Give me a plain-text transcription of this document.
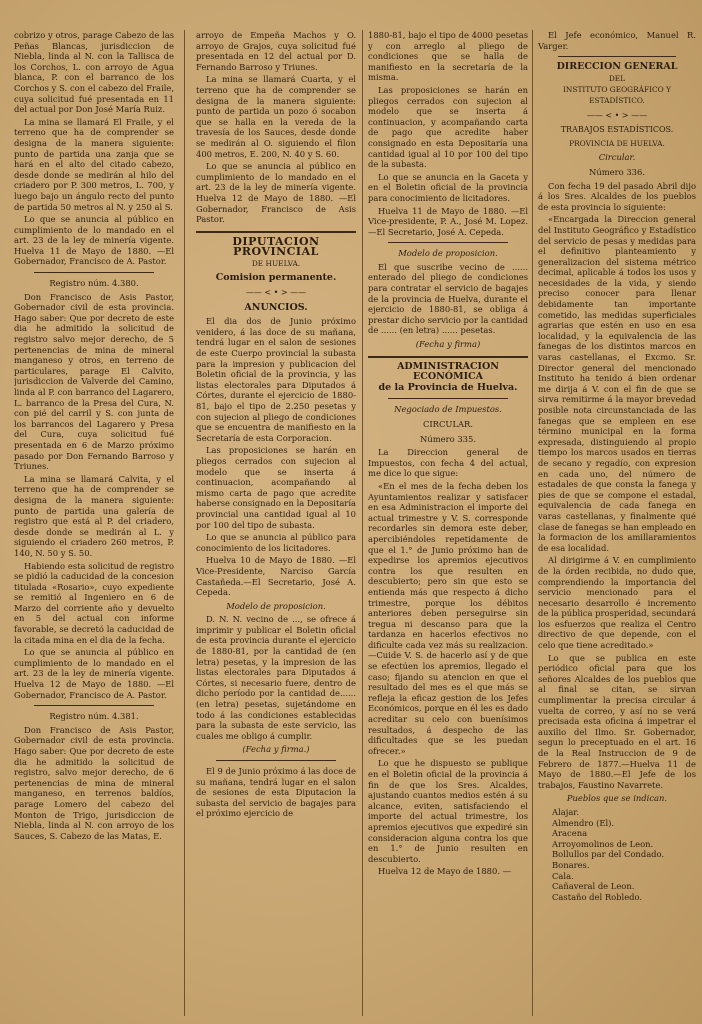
cobrizo y otros, parage Cabezo de las Peñas Blancas, jurisdiccion de Niebla, linda al N. con la Tallisca de los Corchos, L. con arroyo de Agua blanca, P. con el barranco de los Corchos y S. con el cabezo del Fraile, cuya solicitud fué presentada en 11 del actual por Don José María Ruiz.

La mina se llamará El Fraile, y el terreno que ha de comprender se designa de la manera siguiente: punto de partida una zanja que se hará en el alto del citado cabezo, desde donde se medirán al hilo del criadero por P. 300 metros, L. 700, y luego bajo un ángulo recto del punto de partida 50 metros al N. y 250 al S.

Lo que se anuncia al público en cumplimiento de lo mandado en el art. 23 de la ley de minería vigente. Huelva 11 de Mayo de 1880. —El Gobernador, Francisco de A. Pastor.

Registro núm. 4.380.

Don Francisco de Asis Pastor, Gobernador civil de esta provincia. Hago saber: Que por decreto de este dia he admitido la solicitud de registro salvo mejor derecho, de 5 pertenencias de mina de mineral manganeso y otros, en terreno de particulares, parage El Calvito, jurisdiccion de Valverde del Camino, linda al P. con barranco del Lagarero, L. barranco de la Presa del Cura, N. con pié del carril y S. con junta de los barrancos del Lagarero y Presa del Cura, cuya solicitud fué presentada en 6 de Marzo próximo pasado por Don Fernando Barroso y Triunes.

La mina se llamará Calvita, y el terreno que ha de comprender se designa de la manera siguiente: punto de partida una galería de registro que está al P. del criadero, desde donde se medirán al L. y siguiendo el criadero 260 metros, P. 140, N. 50 y S. 50.

Habiendo esta solicitud de registro se pidió la caducidad de la concesion titulada «Rosario», cuyo expediente se remitió al Ingeniero en 6 de Marzo del corriente año y devuelto en 5 del actual con informe favorable, se decretó la caducidad de la citada mina en el dia de la fecha.

Lo que se anuncia al público en cumplimiento de lo mandado en el art. 23 de la ley de minería vigente. Huelva 12 de Mayo de 1880. —El Gobernador, Francisco de A. Pastor.

Registro núm. 4.381.

Don Francisco de Asis Pastor, Gobernador civil de esta provincia. Hago saber: Que por decreto de este dia he admitido la solicitud de registro, salvo mejor derecho, de 6 pertenencias de mina de mineral manganeso, en terrenos baldíos, parage Lomero del cabezo del Monton de Trigo, jurisdiccion de Niebla, linda al N. con arroyo de los Sauces, S. Cabezo de las Matas, E.

arroyo de Empeña Machos y O. arroyo de Grajos, cuya solicitud fué presentada en 12 del actual por D. Fernando Barroso y Triunes.

La mina se llamará Cuarta, y el terreno que ha de comprender se designa de la manera siguiente: punto de partida un pozo ó socabon que se halla en la vereda de la travesía de los Sauces, desde donde se medirán al O. siguiendo el filon 400 metros, E. 200, N. 40 y S. 60.

Lo que se anuncia al público en cumplimiento de lo mandado en el art. 23 de la ley de minería vigente. Huelva 12 de Mayo de 1880. —El Gobernador, Francisco de Asis Pastor.

DIPUTACION PROVINCIAL

DE HUELVA.

Comision permanente.

—— < • > ——

ANUNCIOS.

El dia dos de Junio próximo venidero, á las doce de su mañana, tendrá lugar en el salon de sesiones de este Cuerpo provincial la subasta para la impresion y publicacion del Boletin oficial de la provincia, y las listas electorales para Diputados á Córtes, durante el ejercicio de 1880-81, bajo el tipo de 2.250 pesetas y con sujecion al pliego de condiciones que se encuentra de manifiesto en la Secretaría de esta Corporacion.

Las proposiciones se harán en pliegos cerrados con sujecion al modelo que se inserta á continuacion, acompañando al mismo carta de pago que acredite haberse consignado en la Depositaría provincial una cantidad igual al 10 por 100 del tipo de subasta.

Lo que se anuncia al público para conocimiento de los licitadores.

Huelva 10 de Mayo de 1880. —El Vice-Presidente, Narciso García Castañeda.—El Secretario, José A. Cepeda.

Modelo de proposicion.

D. N. N. vecino de ..., se ofrece á imprimir y publicar el Boletin oficial de esta provincia durante el ejercicio de 1880-81, por la cantidad de (en letra) pesetas, y la impresion de las listas electorales para Diputados á Córtes, si necesario fuere, dentro de dicho período por la cantidad de...... (en letra) pesetas, sujetándome en todo á las condiciones establecidas para la subasta de este servicio, las cuales me obligo á cumplir.

(Fecha y firma.)

El 9 de Junio próximo á las doce de su mañana, tendrá lugar en el salon de sesiones de esta Diputacion la subasta del servicio de bagajes para el próximo ejercicio de

1880-81, bajo el tipo de 4000 pesetas y con arreglo al pliego de condiciones que se halla de manifiesto en la secretaría de la misma.

Las proposiciones se harán en pliegos cerrados con sujecion al modelo que se inserta á continuacion, y acompañando carta de pago que acredite haber consignado en esta Depositaría una cantidad igual al 10 por 100 del tipo de la subasta.

Lo que se anuncia en la Gaceta y en el Boletin oficial de la provincia para conocimiento de licitadores.

Huelva 11 de Mayo de 1880. —El Vice-presidente, P. A., José M. Lopez.—El Secretario, José A. Cepeda.

Modelo de proposicion.

El que suscribe vecino de ...... enterado del pliego de condiciones para contratar el servicio de bagajes de la provincia de Huelva, durante el ejercicio de 1880-81, se obliga á prestar dicho servicio por la cantidad de ...... (en letra) ...... pesetas.

(Fecha y firma)

ADMINISTRACION ECONÓMICA

de la Provincia de Huelva.

Negociado de Impuestos.

CIRCULAR.

Número 335.

La Direccion general de Impuestos, con fecha 4 del actual, me dice lo que sigue:

«En el mes de la fecha deben los Ayuntamientos realizar y satisfacer en esa Administracion el importe del actual trimestre y V. S. corresponde recordarles sin demora este deber, apercibiéndoles repetidamente de que el 1.° de Junio próximo han de expedirse los apremios ejecutivos contra los que resulten en descubierto; pero sin que esto se entienda más que respecto á dicho trimestre, porque los débitos anteriores deben perseguirse sin tregua ni descanso para que la tardanza en hacerlos efectivos no dificulte cada vez más su realizacion.—Cuide V. S. de hacerlo así y de que se efectúen los apremios, llegado el caso; fijando su atencion en que el resultado del mes es el que más se refleja la eficaz gestion de los Jefes Económicos, porque en él les es dado acreditar su celo con buenísimos resultados, á despecho de las dificultades que se les puedan ofrecer.»

Lo que he dispuesto se publique en el Boletin oficial de la provincia á fin de que los Sres. Alcaldes, ajustando cuantos medios estén á su alcance, eviten, satisfaciendo el importe del actual trimestre, los apremios ejecutivos que expediré sin consideracion alguna contra los que en 1.° de Junio resulten en descubierto.

Huelva 12 de Mayo de 1880. —

El Jefe económico, Manuel R. Varger.

DIRECCION GENERAL

DEL

INSTITUTO GEOGRÁFICO Y ESTADÍSTICO.

—— < • > ——

TRABAJOS ESTADÍSTICOS.

PROVINCIA DE HUELVA.

Circular.

Número 336.

Con fecha 19 del pasado Abril dijo á los Sres. Alcaldes de los pueblos de esta provincia lo siguiente:

«Encargada la Direccion general del Instituto Geográfico y Estadístico del servicio de pesas y medidas para el definitivo planteamiento y generalizacion del sistema métrico decimal, aplicable á todos los usos y necesidades de la vida, y siendo preciso conocer para llenar debidamente tan importante cometido, las medidas superficiales agrarias que estén en uso en esa localidad, y la equivalencia de las fanegas de los distintos marcos en varas castellanas, el Excmo. Sr. Director general del mencionado Instituto ha tenido á bien ordenar me dirija á V. con el fin de que se sirva remitirme á la mayor brevedad posible nota circunstanciada de las fanegas que se empleen en ese término municipal en la forma expresada, distinguiendo al propio tiempo los marcos usados en tierras de secano y regadío, con expresion en cada uno, del número de estadales de que consta la fanega y pies de que se compone el estadal, equivalencia de cada fanega en varas castellanas, y finalmente qué clase de fanegas se han empleado en la formacion de los amillaramientos de esa localidad.

Al dirigirme á V. en cumplimiento de la órden recibida, no dudo que, comprendiendo la importancia del servicio mencionado para el necesario desarrollo é incremento de la pública prosperidad, secundará los esfuerzos que realiza el Centro directivo de que depende, con el celo que tiene acreditado.»

Lo que se publica en este periódico oficial para que los señores Alcaldes de los pueblos que al final se citan, se sirvan cumplimentar la precisa circular á vuelta de correo, y así no se verá precisada esta oficina á impetrar el auxilio del Ilmo. Sr. Gobernador, segun lo preceptuado en el art. 16 de la Real Instruccion de 9 de Febrero de 1877.—Huelva 11 de Mayo de 1880.—El Jefe de los trabajos, Faustino Navarrete.

Pueblos que se indican.

Alajar.
Almendro (El).
Aracena
Arroyomolinos de Leon.
Bollullos par del Condado.
Bonares.
Cala.
Cañaveral de Leon.
Castaño del Robledo.
